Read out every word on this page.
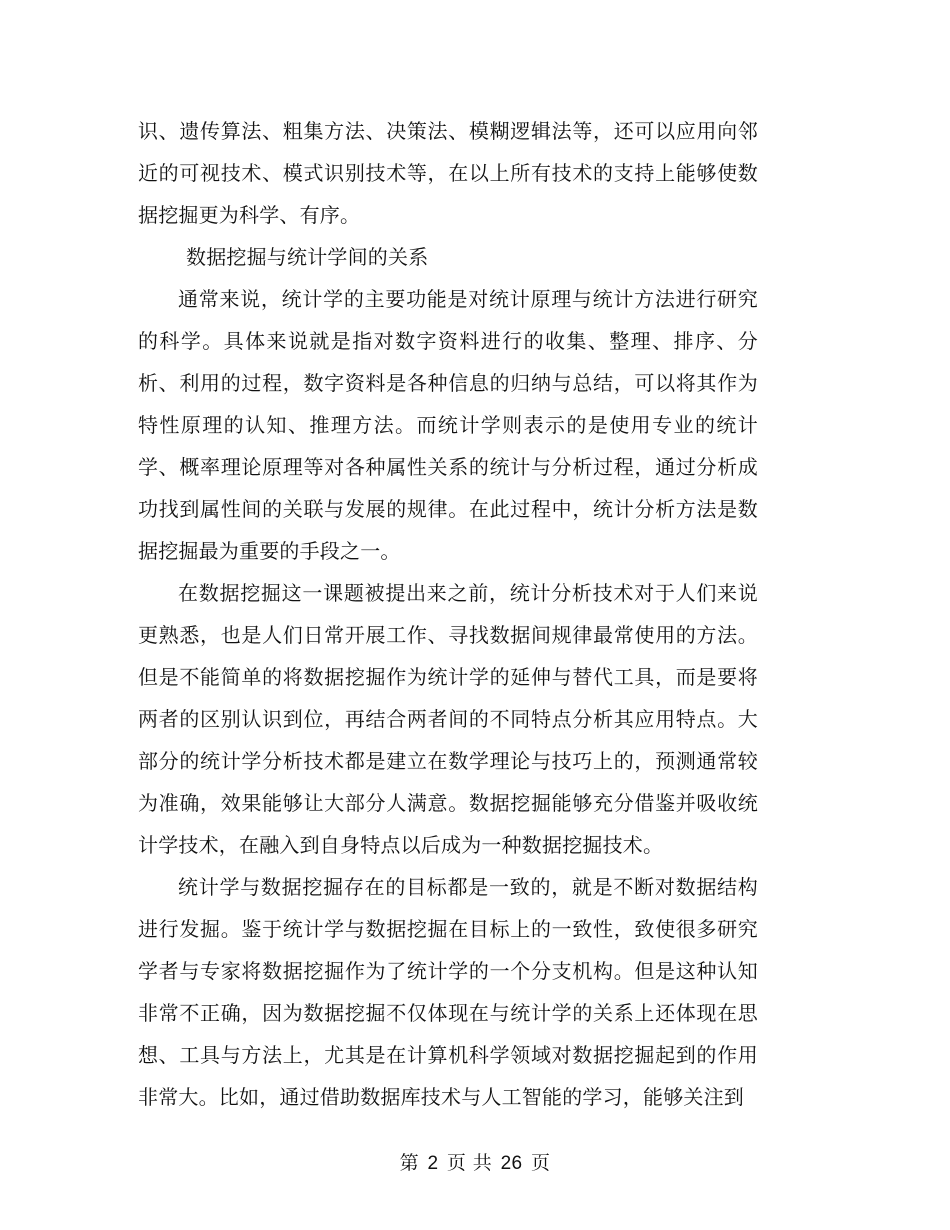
识、遗传算法、粗集方法、决策法、模糊逻辑法等，还可以应用向邻近的可视技术、模式识别技术等，在以上所有技术的支持上能够使数据挖掘更为科学、有序。

数据挖掘与统计学间的关系

通常来说，统计学的主要功能是对统计原理与统计方法进行研究的科学。具体来说就是指对数字资料进行的收集、整理、排序、分析、利用的过程，数字资料是各种信息的归纳与总结，可以将其作为特性原理的认知、推理方法。而统计学则表示的是使用专业的统计学、概率理论原理等对各种属性关系的统计与分析过程，通过分析成功找到属性间的关联与发展的规律。在此过程中，统计分析方法是数据挖掘最为重要的手段之一。

在数据挖掘这一课题被提出来之前，统计分析技术对于人们来说更熟悉，也是人们日常开展工作、寻找数据间规律最常使用的方法。但是不能简单的将数据挖掘作为统计学的延伸与替代工具，而是要将两者的区别认识到位，再结合两者间的不同特点分析其应用特点。大部分的统计学分析技术都是建立在数学理论与技巧上的，预测通常较为准确，效果能够让大部分人满意。数据挖掘能够充分借鉴并吸收统计学技术，在融入到自身特点以后成为一种数据挖掘技术。

统计学与数据挖掘存在的目标都是一致的，就是不断对数据结构进行发掘。鉴于统计学与数据挖掘在目标上的一致性，致使很多研究学者与专家将数据挖掘作为了统计学的一个分支机构。但是这种认知非常不正确，因为数据挖掘不仅体现在与统计学的关系上还体现在思想、工具与方法上，尤其是在计算机科学领域对数据挖掘起到的作用非常大。比如，通过借助数据库技术与人工智能的学习，能够关注到

第 2 页 共 26 页
